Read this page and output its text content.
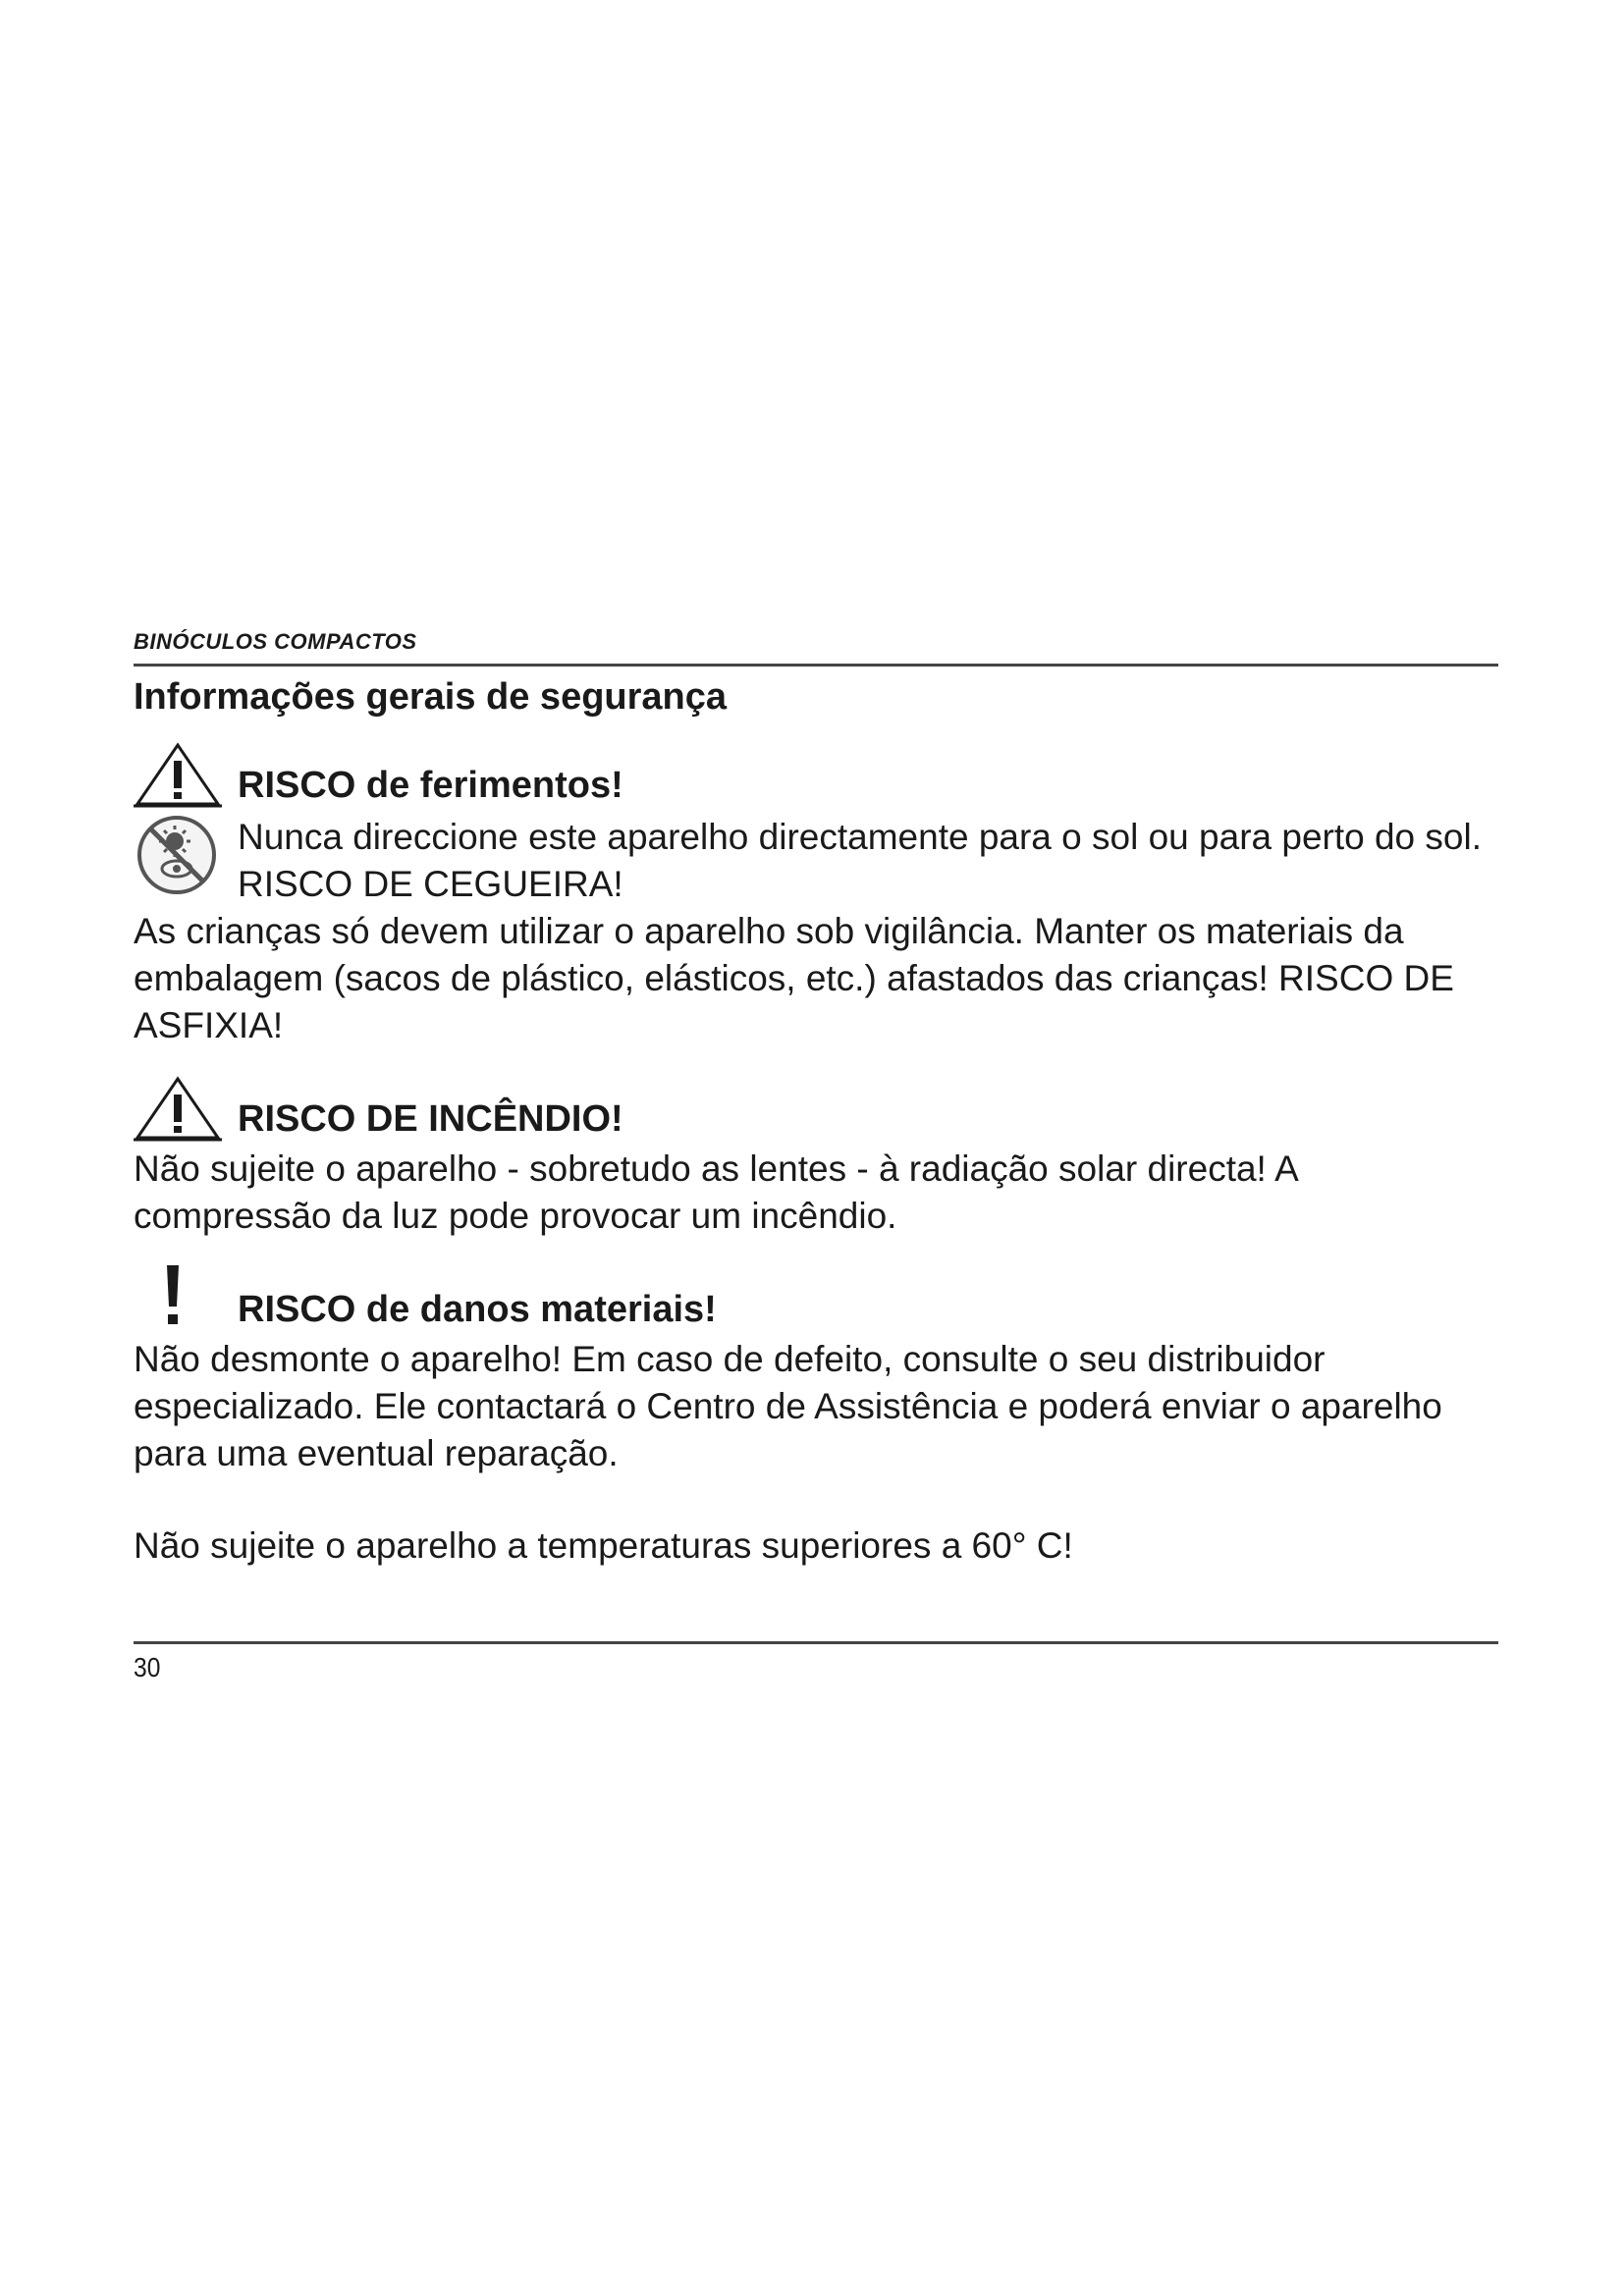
BINÓCULOS COMPACTOS
Informações gerais de segurança
RISCO de ferimentos!
Nunca direccione este aparelho directamente para o sol ou para perto do sol. RISCO DE CEGUEIRA!
As crianças só devem utilizar o aparelho sob vigilância. Manter os materiais da embalagem (sacos de plástico, elásticos, etc.) afastados das crianças! RISCO DE ASFIXIA!
RISCO DE INCÊNDIO!
Não sujeite o aparelho - sobretudo as lentes - à radiação solar directa! A compressão da luz pode provocar um incêndio.
RISCO de danos materiais!
Não desmonte o aparelho! Em caso de defeito, consulte o seu distribuidor especializado. Ele contactará o Centro de Assistência e poderá enviar o aparelho para uma eventual reparação.
Não sujeite o aparelho a temperaturas superiores a 60° C!
30
